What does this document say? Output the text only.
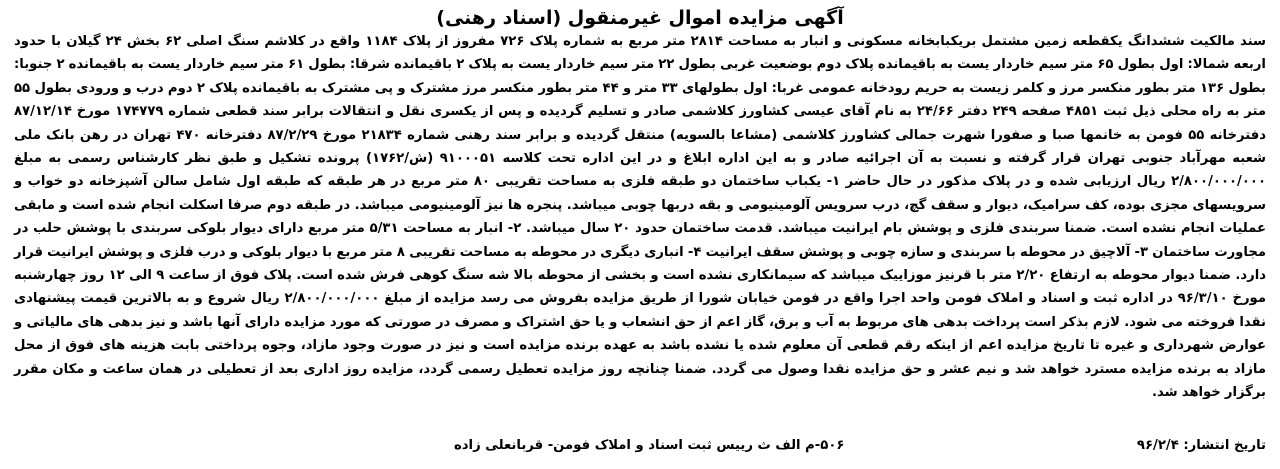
آگهی مزایده اموال غیرمنقول (اسناد رهنی)

سند مالکیت ششدانگ یکقطعه زمین مشتمل بریکبابخانه مسکونی و انبار به مساحت ۲۸۱۴ متر مربع به شماره پلاک ۷۲۶ مفروز از پلاک ۱۱۸۴ واقع در کلاشم سنگ اصلی ۶۲ بخش ۲۴ گیلان با حدود اربعه شمالا: اول بطول ۶۵ متر سیم خاردار یست به باقیمانده پلاک دوم بوضعیت غربی بطول ۲۲ متر سیم خاردار یست به پلاک ۲ باقیمانده شرقا: بطول ۶۱ متر سیم خاردار یست به باقیمانده ۲ جنوبا: بطول ۱۳۶ متر بطور منکسر مرز و کلمر زیست به حریم رودخانه عمومی غربا: اول بطولهای ۳۳ متر و ۴۴ متر بطور منکسر مرز مشترک و پی مشترک به باقیمانده پلاک ۲ دوم درب و ورودی بطول ۵۵ متر به راه محلی ذیل ثبت ۴۸۵۱ صفحه ۲۴۹ دفتر ۲۴/۶۶ به نام آقای عیسی کشاورز کلاشمی صادر و تسلیم گردیده و پس از یکسری نقل و انتقالات برابر سند قطعی شماره ۱۷۴۷۷۹ مورخ ۸۷/۱۲/۱۴ دفترخانه ۵۵ فومن به خانمها صبا و صفورا شهرت جمالی کشاورز کلاشمی (مشاعا بالسویه) منتقل گردیده و برابر سند رهنی شماره ۲۱۸۳۴ مورخ ۸۷/۲/۲۹ دفترخانه ۴۷۰ تهران در رهن بانک ملی شعبه مهرآباد جنوبی تهران قرار گرفته و نسبت به آن اجرائیه صادر و به این اداره ابلاغ و در این اداره تحت کلاسه ۹۱۰۰۰۵۱ (ش/۱۷۶۲) پرونده تشکیل و طبق نظر کارشناس رسمی به مبلغ ۲/۸۰۰/۰۰۰/۰۰۰ ریال ارزیابی شده و در پلاک مذکور در حال حاضر ۱- یکباب ساختمان دو طبقه فلزی به مساحت تقریبی ۸۰ متر مربع در هر طبقه که طبقه اول شامل سالن آشپزخانه دو خواب و سرویسهای مجزی بوده، کف سرامیک، دیوار و سقف گچ، درب سرویس آلومینیومی و بقه دربها چوبی میباشد. پنجره ها نیز آلومینیومی میباشد. در طبقه دوم صرفا اسکلت انجام شده است و مابقی عملیات انجام نشده است. ضمنا سربندی فلزی و پوشش بام ایرانیت میباشد. قدمت ساختمان حدود ۲۰ سال میباشد. ۲- انبار به مساحت ۵/۳۱ متر مربع دارای دیوار بلوکی سربندی با پوشش حلب در مجاورت ساختمان ۳- آلاچیق در محوطه با سربندی و سازه چوبی و پوشش سقف ایرانیت ۴- انباری دیگری در محوطه به مساحت تقریبی ۸ متر مربع با دیوار بلوکی و درب فلزی و پوشش ایرانیت قرار دارد. ضمنا دیوار محوطه به ارتفاع ۲/۲۰ متر با قرنیز موزاییک میباشد که سیمانکاری نشده است و بخشی از محوطه بالا شه سنگ کوهی فرش شده است. پلاک فوق از ساعت ۹ الی ۱۲ روز چهارشنبه مورخ ۹۶/۳/۱۰ در اداره ثبت و اسناد و املاک فومن واحد اجرا واقع در فومن خیابان شورا از طریق مزایده بفروش می رسد مزایده از مبلغ ۲/۸۰۰/۰۰۰/۰۰۰ ریال شروع و به بالاترین قیمت پیشنهادی نقدا فروخته می شود. لازم بذکر است پرداخت بدهی های مربوط به آب و برق، گاز اعم از حق انشعاب و یا حق اشتراک و مصرف در صورتی که مورد مزایده دارای آنها باشد و نیز بدهی های مالیاتی و عوارض شهرداری و غیره تا تاریخ مزایده اعم از اینکه رقم قطعی آن معلوم شده یا نشده باشد به عهده برنده مزایده است و نیز در صورت وجود مازاد، وجوه پرداختی بابت هزینه های فوق از محل مازاد به برنده مزایده مسترد خواهد شد و نیم عشر و حق مزایده نقدا وصول می گردد. ضمنا چنانچه روز مزایده تعطیل رسمی گردد، مزایده روز اداری بعد از تعطیلی در همان ساعت و مکان مقرر برگزار خواهد شد.

تاریخ انتشار: ۹۶/۲/۴
۵۰۶-م الف ث رییس ثبت اسناد و املاک فومن- قربانعلی زاده
